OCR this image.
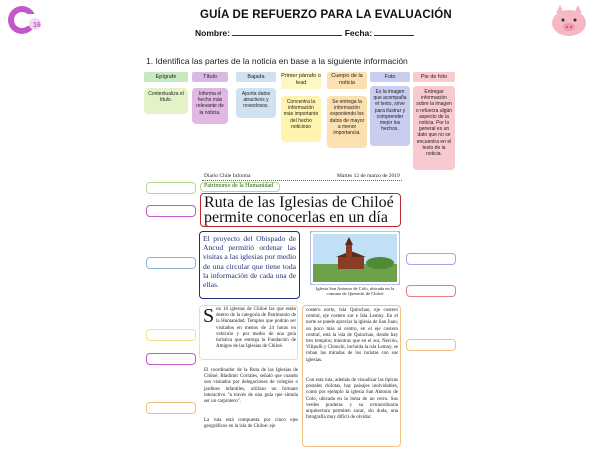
16
GUÍA DE REFUERZO PARA LA EVALUACIÓN
Nombre:	Fecha:
1. Identifica las partes de la noticia en base a la siguiente información
Epígrafe	Título	Bajada	Primer párrafo o lead
Cuerpo de la noticia
Foto	Pie de foto
Contextualiza el título.
Informa el hecho más relevante de la noticia.
Aporta datos atractivos y novedosos.
Concentra la información más importante del hecho noticioso
Se entrega la información exponiendo los datos de mayor a menor importancia.
Es la imagen que acompaña el texto, sirve para ilustrar y comprender mejor los hechos.
Entregar información sobre la imagen o refuerza algún aspecto de la noticia. Por lo general es un dato que no se encuentra en el texto de la noticia.
Diario Chile Informa	Martes 12 de marzo de 2019
Patrimonio de la Humanidad
Ruta de las Iglesias de Chiloé permite conocerlas en un día
El proyecto del Obispado de Ancud permitió ordenar las visitas a las iglesias por medio de una circular que tiene toda la información de cada una de ellas.	Iglesia San Antonio de Colo, ubicada en la comuna de Quemchi de Chiloé
S on 16 iglesias de Chiloé las que están dentro de la categoría de Patrimonio de la Humanidad. Templos que podrán ser visitados en menos de 24 horas en vehículo y por medio de una guía turística que entrega la Fundación de Amigos de las Iglesias de Chiloé.
El coordinador de la Ruta de las Iglesias de Chiloé, Bladimir Corrales, señaló que cuando son visitados por delegaciones de colegios o jardines infantiles, utilizan un formato interactivo "a través de una guía que simula ser un carpintero".
La ruta está compuesta por cinco ejes geográficos en la isla de Chiloé: eje
costero norte, Isla Quinchao, eje costero central, eje costero sur e Isla Lemuy. En el norte se puede apreciar la iglesia de San Juan; un poco más al centro, en el eje costero central, está la isla de Quinchao, donde hay tres templos; mientras que en el sur, Nercón, Vilipulli y Chonchi, incluida la isla Lemuy, se roban las miradas de los turistas con sus iglesias.
Con esta ruta, además de visualizar las típicas postales chilotas, hay paisajes inolvidables, como por ejemplo la iglesia San Antonio de Colo, ubicada en la loma de un cerro. Sus verdes praderas y su extraordinaria arquitectura permiten sacar, sin duda, una fotografía muy difícil de olvidar.
